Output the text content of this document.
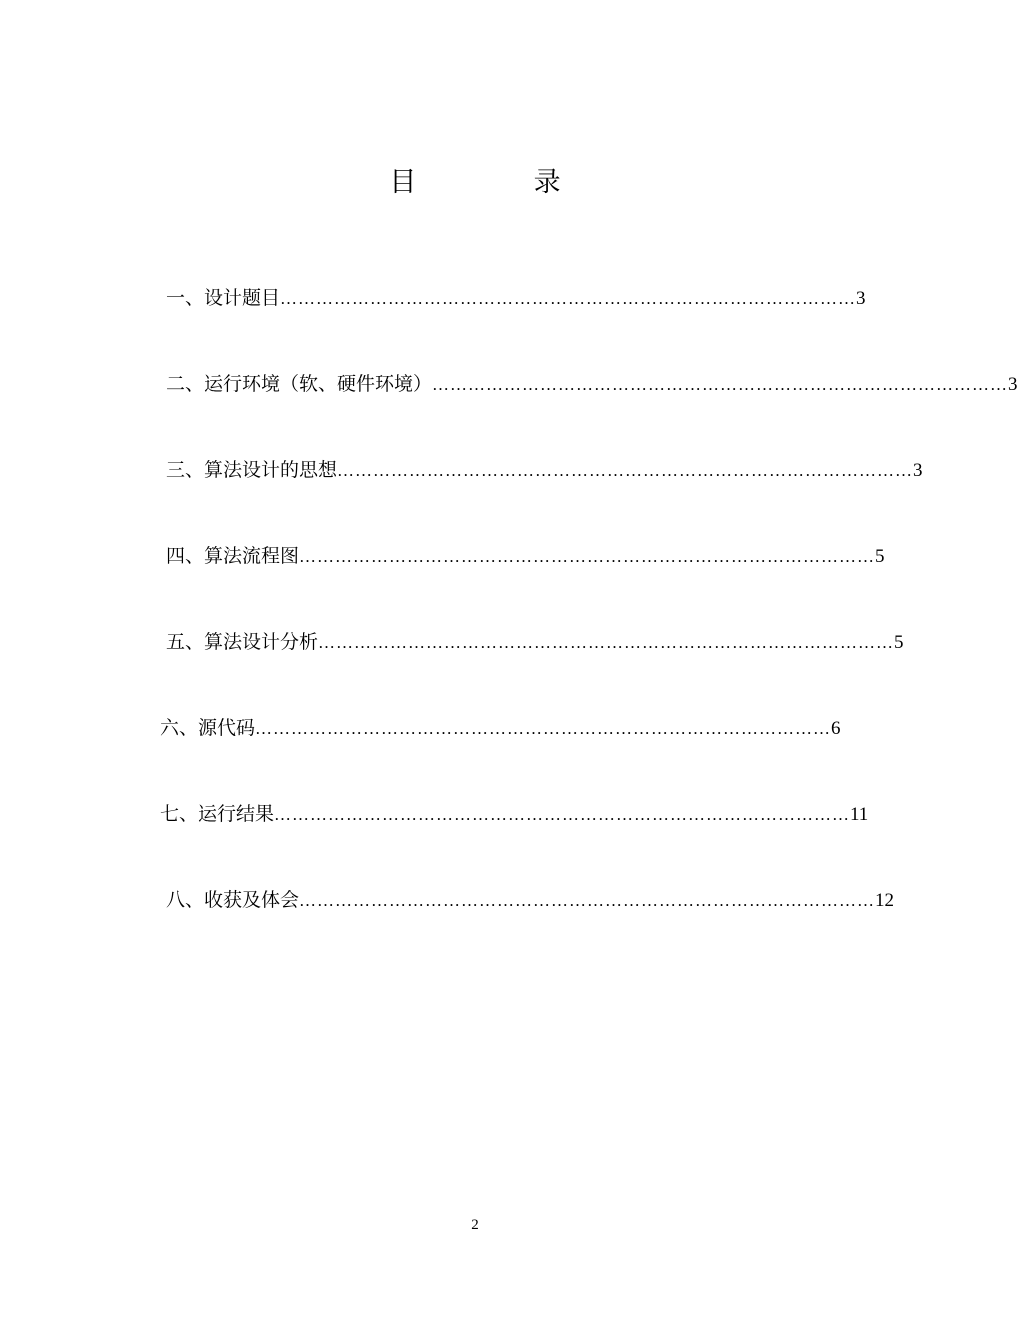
目	录
一、设计题目 …………………………………………………………………………………… 3
二、运行环境（软、硬件环境） …………………………………………………………………………………… 3
三、算法设计的思想 …………………………………………………………………………………… 3
四、算法流程图 …………………………………………………………………………………… 5
五、算法设计分析 …………………………………………………………………………………… 5
六、源代码 …………………………………………………………………………………… 6
七、运行结果 …………………………………………………………………………………… 11
八、收获及体会 …………………………………………………………………………………… 12
2
